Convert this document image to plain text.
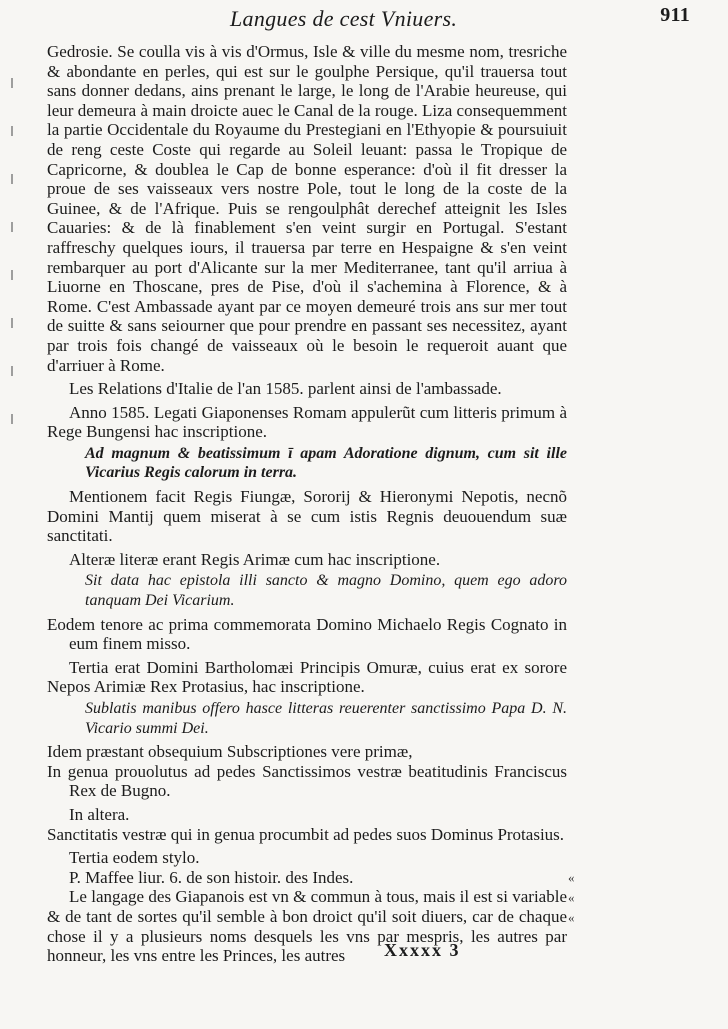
Langues de cest Vniuers.	911

Gedrosie. Se coulla vis à vis d'Ormus, Isle & ville du mesme nom, tresriche & abondante en perles, qui est sur le goulphe Persique, qu'il trauersa tout sans donner dedans, ains prenant le large, le long de l'Arabie heureuse, qui leur demeura à main droicte auec le Canal de la rouge. Liza consequemment la partie Occidentale du Royaume du Prestegiani en l'Ethyopie & poursuiuit de reng ceste Coste qui regarde au Soleil leuant: passa le Tropique de Capricorne, & doublea le Cap de bonne esperance: d'où il fit dresser la proue de ses vaisseaux vers nostre Pole, tout le long de la coste de la Guinee, & de l'Afrique. Puis se rengoulphât derechef atteignit les Isles Cauaries: & de là finablement s'en veint surgir en Portugal. S'estant raffreschy quelques iours, il trauersa par terre en Hespaigne & s'en veint rembarquer au port d'Alicante sur la mer Mediterranee, tant qu'il arriua à Liuorne en Thoscane, pres de Pise, d'où il s'achemina à Florence, & à Rome. C'est Ambassade ayant par ce moyen demeuré trois ans sur mer tout de suitte & sans seiourner que pour prendre en passant ses necessitez, ayant par trois fois changé de vaisseaux où le besoin le requeroit auant que d'arriuer à Rome.

Les Relations d'Italie de l'an 1585. parlent ainsi de l'ambassade.

Anno 1585. Legati Giaponenses Romam appulerũt cum litteris primum à Rege Bungensi hac inscriptione.

Ad magnum & beatissimum ī apam Adoratione dignum, cum sit ille Vicarius Regis calorum in terra.

Mentionem facit Regis Fiungæ, Sororij & Hieronymi Nepotis, necnõ Domini Mantij quem miserat à se cum istis Regnis deuouendum suæ sanctitati.

Alteræ literæ erant Regis Arimæ cum hac inscriptione.

Sit data hac epistola illi sancto & magno Domino, quem ego adoro tanquam Dei Vicarium.

Eodem tenore ac prima commemorata Domino Michaelo Regis Cognato in eum finem misso.

Tertia erat Domini Bartholomæi Principis Omuræ, cuius erat ex sorore Nepos Arimiæ Rex Protasius, hac inscriptione.

Sublatis manibus offero hasce litteras reuerenter sanctissimo Papa D. N. Vicario summi Dei.

Idem præstant obsequium Subscriptiones vere primæ,

In genua prouolutus ad pedes Sanctissimos vestræ beatitudinis Franciscus Rex de Bugno.

In altera.

Sanctitatis vestræ qui in genua procumbit ad pedes suos Dominus Protasius.

Tertia eodem stylo.

P. Maffee liur. 6. de son histoir. des Indes.

Le langage des Giapanois est vn & commun à tous, mais il est si variable & de tant de sortes qu'il semble à bon droict qu'il soit diuers, car de chaque chose il y a plusieurs noms desquels les vns par mespris, les autres par honneur, les vns entre les Princes, les autres

«
«
«
Xxxxx 3
